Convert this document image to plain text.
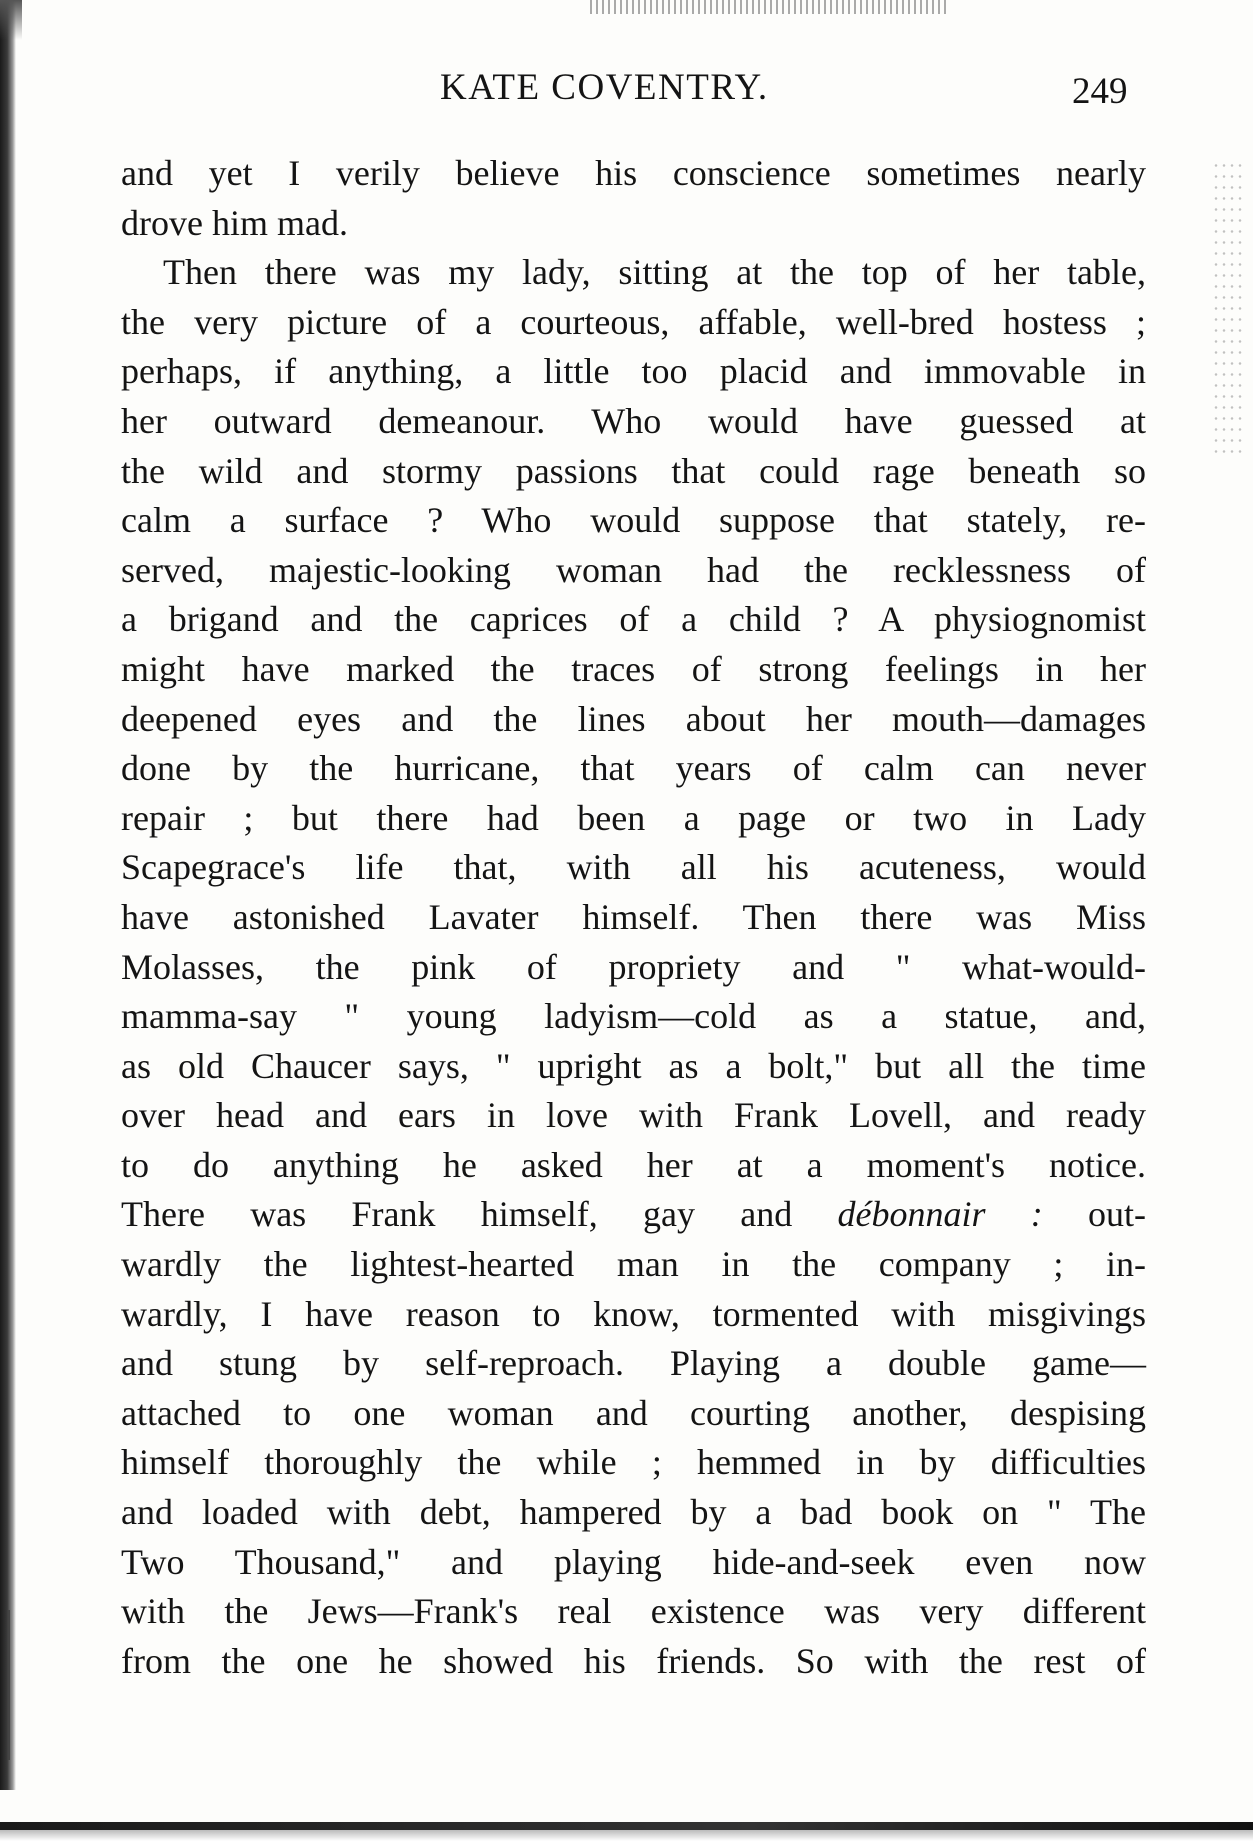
KATE COVENTRY.	249
and yet I verily believe his conscience sometimes nearly
drove him mad.
Then there was my lady, sitting at the top of her table,
the very picture of a courteous, affable, well-bred hostess ;
perhaps, if anything, a little too placid and immovable in
her outward demeanour. Who would have guessed at
the wild and stormy passions that could rage beneath so
calm a surface ? Who would suppose that stately, re-
served, majestic-looking woman had the recklessness of
a brigand and the caprices of a child ? A physiognomist
might have marked the traces of strong feelings in her
deepened eyes and the lines about her mouth—damages
done by the hurricane, that years of calm can never
repair ; but there had been a page or two in Lady
Scapegrace's life that, with all his acuteness, would
have astonished Lavater himself. Then there was Miss
Molasses, the pink of propriety and " what-would-
mamma-say " young ladyism—cold as a statue, and,
as old Chaucer says, " upright as a bolt," but all the time
over head and ears in love with Frank Lovell, and ready
to do anything he asked her at a moment's notice.
There was Frank himself, gay and débonnair : out-
wardly the lightest-hearted man in the company ; in-
wardly, I have reason to know, tormented with misgivings
and stung by self-reproach. Playing a double game—
attached to one woman and courting another, despising
himself thoroughly the while ; hemmed in by difficulties
and loaded with debt, hampered by a bad book on " The
Two Thousand," and playing hide-and-seek even now
with the Jews—Frank's real existence was very different
from the one he showed his friends. So with the rest of
